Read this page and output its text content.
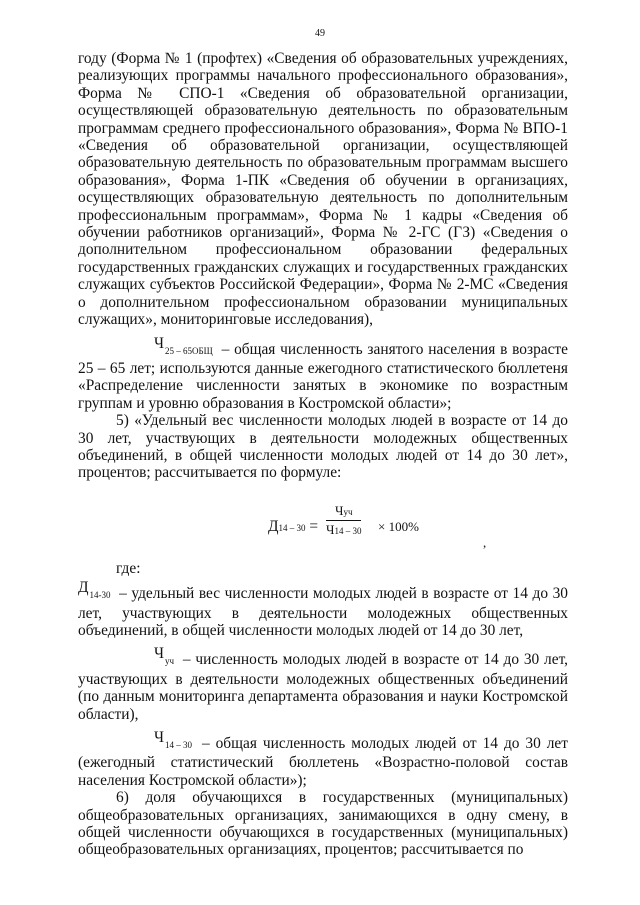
49

году (Форма № 1 (профтех) «Сведения об образовательных учреждениях, реализующих программы начального профессионального образования», Форма № СПО-1 «Сведения об образовательной организации, осуществляющей образовательную деятельность по образовательным программам среднего профессионального образования», Форма № ВПО-1 «Сведения об образовательной организации, осуществляющей образовательную деятельность по образовательным программам высшего образования», Форма 1-ПК «Сведения об обучении в организациях, осуществляющих образовательную деятельность по дополнительным профессиональным программам», Форма № 1 кадры «Сведения об обучении работников организаций», Форма № 2-ГС (ГЗ) «Сведения о дополнительном профессиональном образовании федеральных государственных гражданских служащих и государственных гражданских служащих субъектов Российской Федерации», Форма № 2-МС «Сведения о дополнительном профессиональном образовании муниципальных служащих», мониторинговые исследования),

$Ч_{25 - 65ОБЩ}$ – общая численность занятого населения в возрасте 25 – 65 лет; используются данные ежегодного статистического бюллетеня «Распределение численности занятых в экономике по возрастным группам и уровню образования в Костромской области»;

5) «Удельный вес численности молодых людей в возрасте от 14 до 30 лет, участвующих в деятельности молодежных общественных объединений, в общей численности молодых людей от 14 до 30 лет», процентов; рассчитывается по формуле:

Д14 – 30 =
Чуч
Ч14 – 30 × 100%
,

где:

$Д_{14-30}$ – удельный вес численности молодых людей в возрасте от 14 до 30 лет, участвующих в деятельности молодежных общественных объединений, в общей численности молодых людей от 14 до 30 лет,

$Ч_{уч}$ – численность молодых людей в возрасте от 14 до 30 лет, участвующих в деятельности молодежных общественных объединений (по данным мониторинга департамента образования и науки Костромской области),

$Ч_{14 - 30}$ – общая численность молодых людей от 14 до 30 лет (ежегодный статистический бюллетень «Возрастно-половой состав населения Костромской области»);

6) доля обучающихся в государственных (муниципальных) общеобразовательных организациях, занимающихся в одну смену, в общей численности обучающихся в государственных (муниципальных) общеобразовательных организациях, процентов; рассчитывается по
